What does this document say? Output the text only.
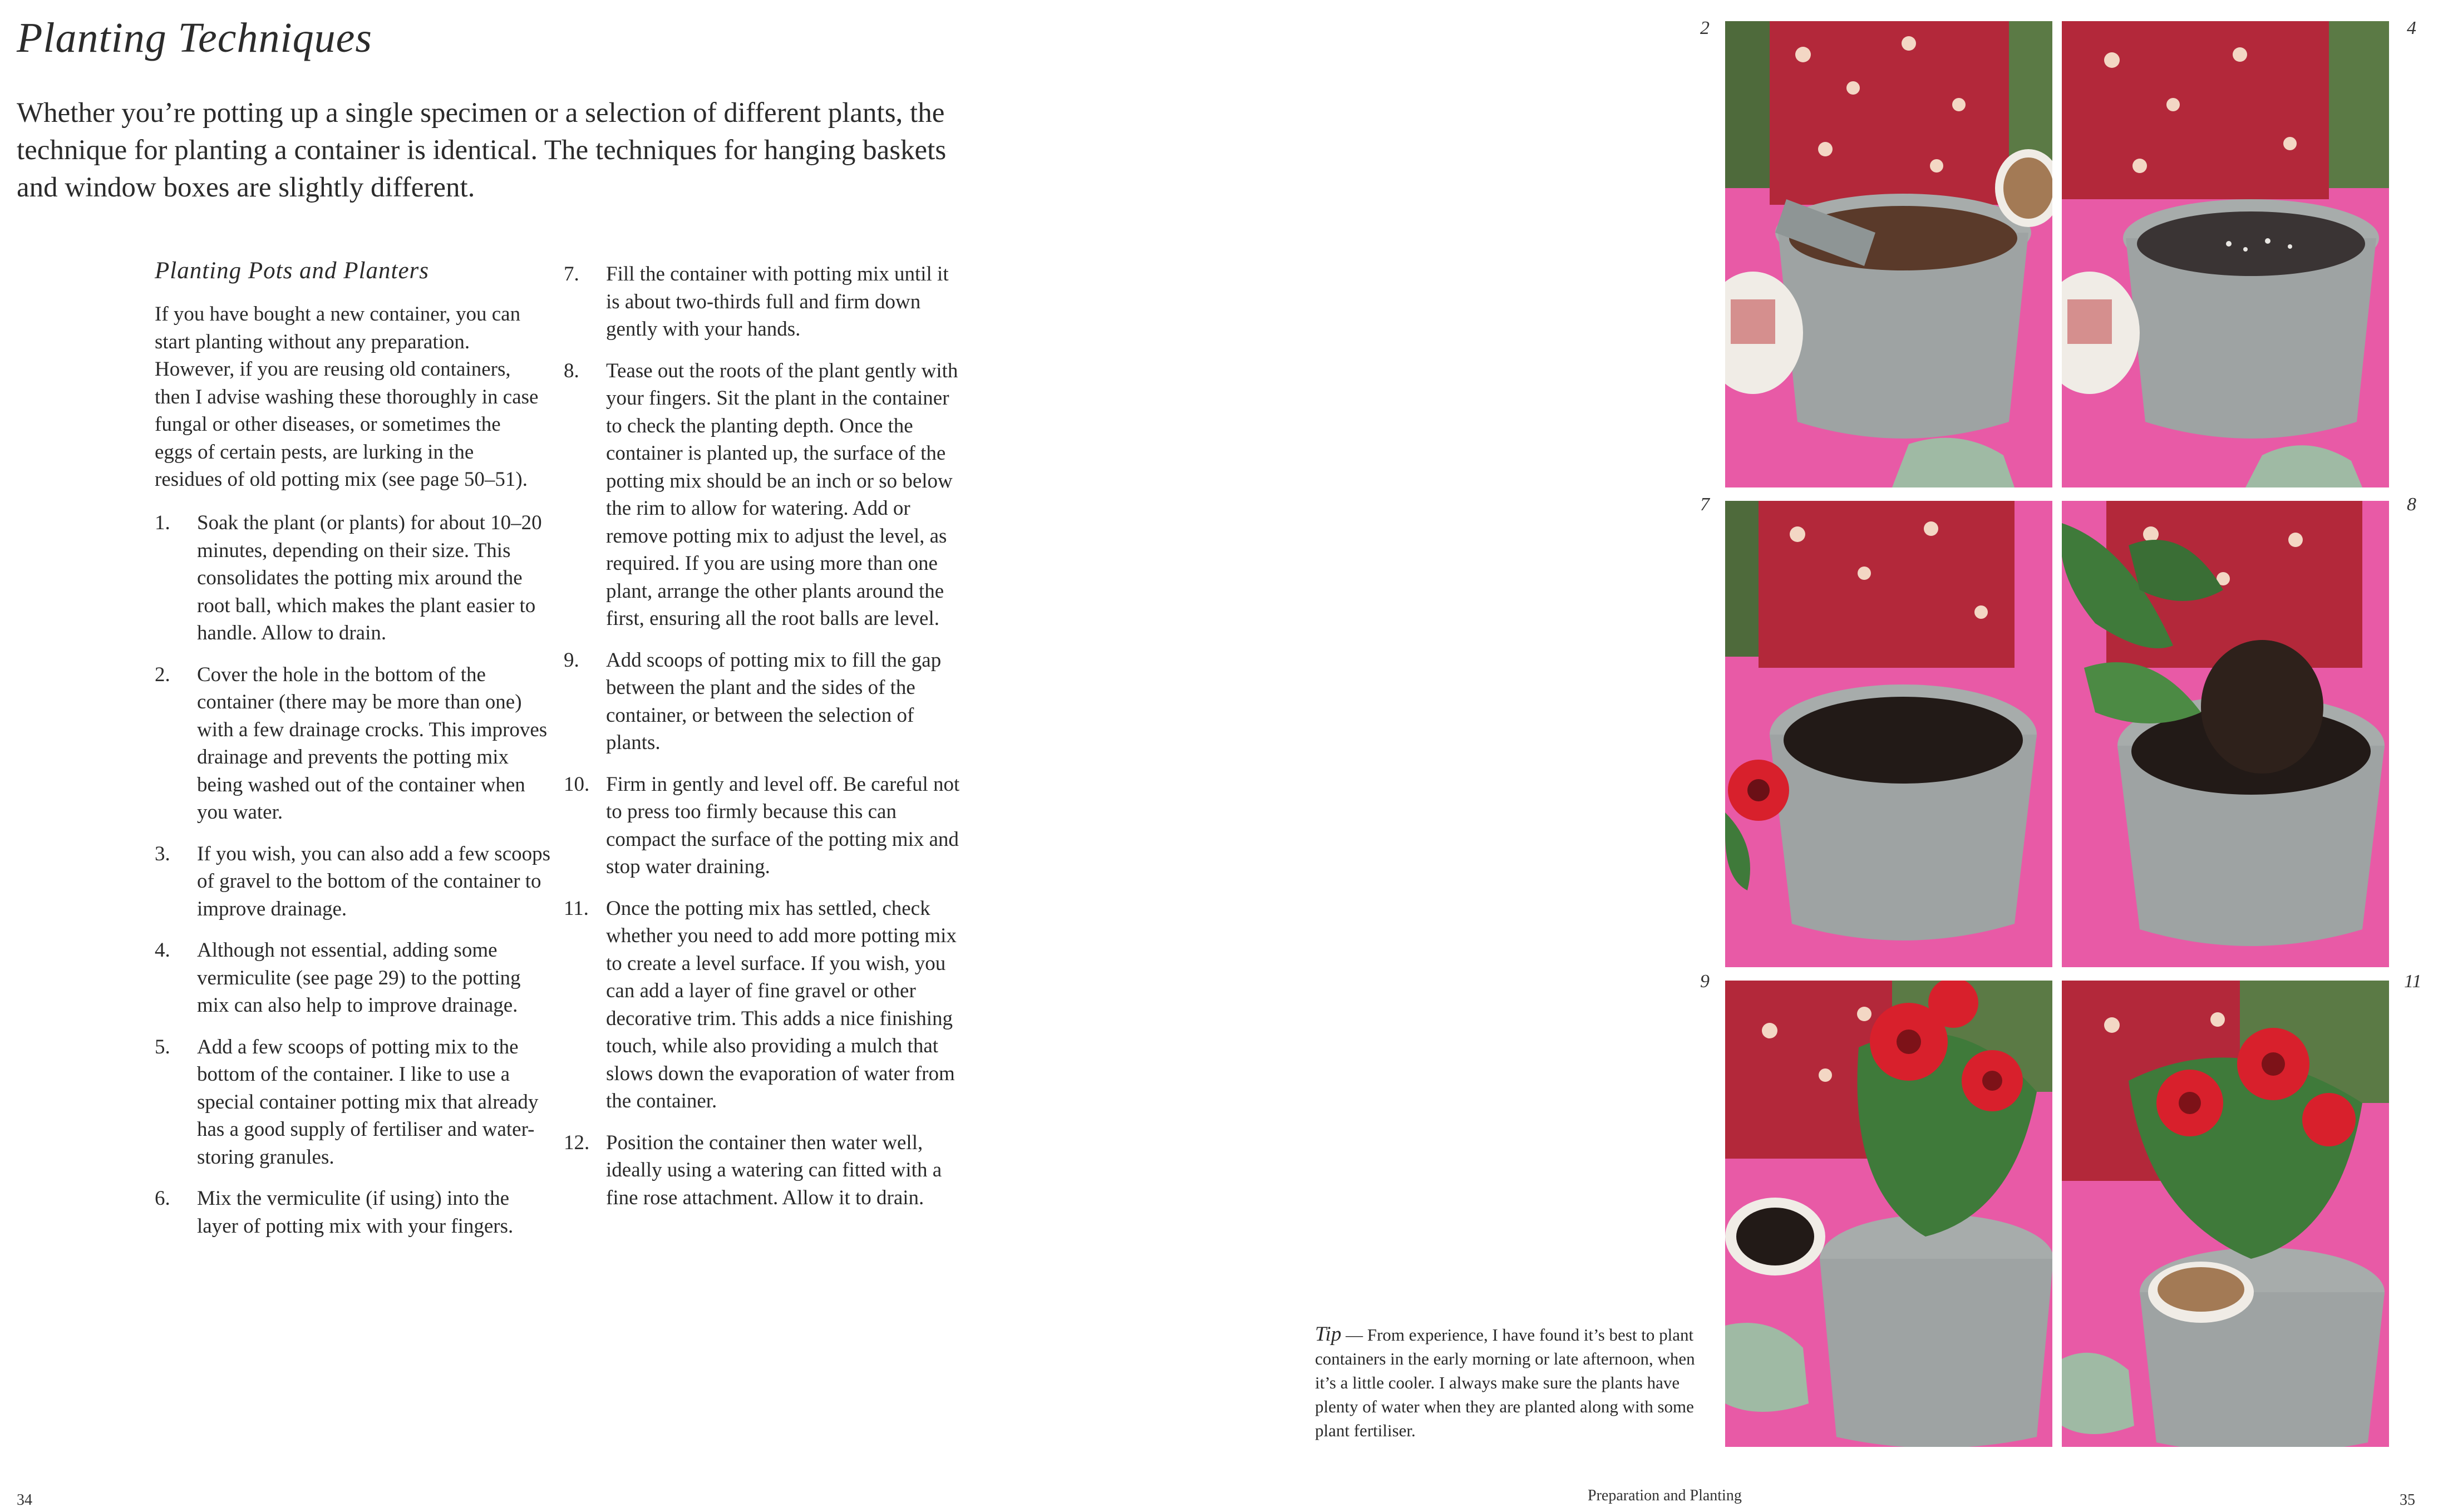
Planting Techniques
Whether you’re potting up a single specimen or a selection of different plants, the technique for planting a container is identical. The techniques for hanging baskets and window boxes are slightly different.
Planting Pots and Planters
If you have bought a new container, you can start planting without any preparation. However, if you are reusing old containers, then I advise washing these thoroughly in case fungal or other diseases, or sometimes the eggs of certain pests, are lurking in the residues of old potting mix (see page 50–51).
1. Soak the plant (or plants) for about 10–20 minutes, depending on their size. This consolidates the potting mix around the root ball, which makes the plant easier to handle. Allow to drain.
2. Cover the hole in the bottom of the container (there may be more than one) with a few drainage crocks. This improves drainage and prevents the potting mix being washed out of the container when you water.
3. If you wish, you can also add a few scoops of gravel to the bottom of the container to improve drainage.
4. Although not essential, adding some vermiculite (see page 29) to the potting mix can also help to improve drainage.
5. Add a few scoops of potting mix to the bottom of the container. I like to use a special container potting mix that already has a good supply of fertiliser and water-storing granules.
6. Mix the vermiculite (if using) into the layer of potting mix with your fingers.
7. Fill the container with potting mix until it is about two-thirds full and firm down gently with your hands.
8. Tease out the roots of the plant gently with your fingers. Sit the plant in the container to check the planting depth. Once the container is planted up, the surface of the potting mix should be an inch or so below the rim to allow for watering. Add or remove potting mix to adjust the level, as required. If you are using more than one plant, arrange the other plants around the first, ensuring all the root balls are level.
9. Add scoops of potting mix to fill the gap between the plant and the sides of the container, or between the selection of plants.
10. Firm in gently and level off. Be careful not to press too firmly because this can compact the surface of the potting mix and stop water draining.
11. Once the potting mix has settled, check whether you need to add more potting mix to create a level surface. If you wish, you can add a layer of fine gravel or other decorative trim. This adds a nice finishing touch, while also providing a mulch that slows down the evaporation of water from the container.
12. Position the container then water well, ideally using a watering can fitted with a fine rose attachment. Allow it to drain.
2	4
7	8
9	11
Tip — From experience, I have found it’s best to plant containers in the early morning or late afternoon, when it’s a little cooler. I always make sure the plants have plenty of water when they are planted along with some plant fertiliser.
34	Preparation and Planting	35
